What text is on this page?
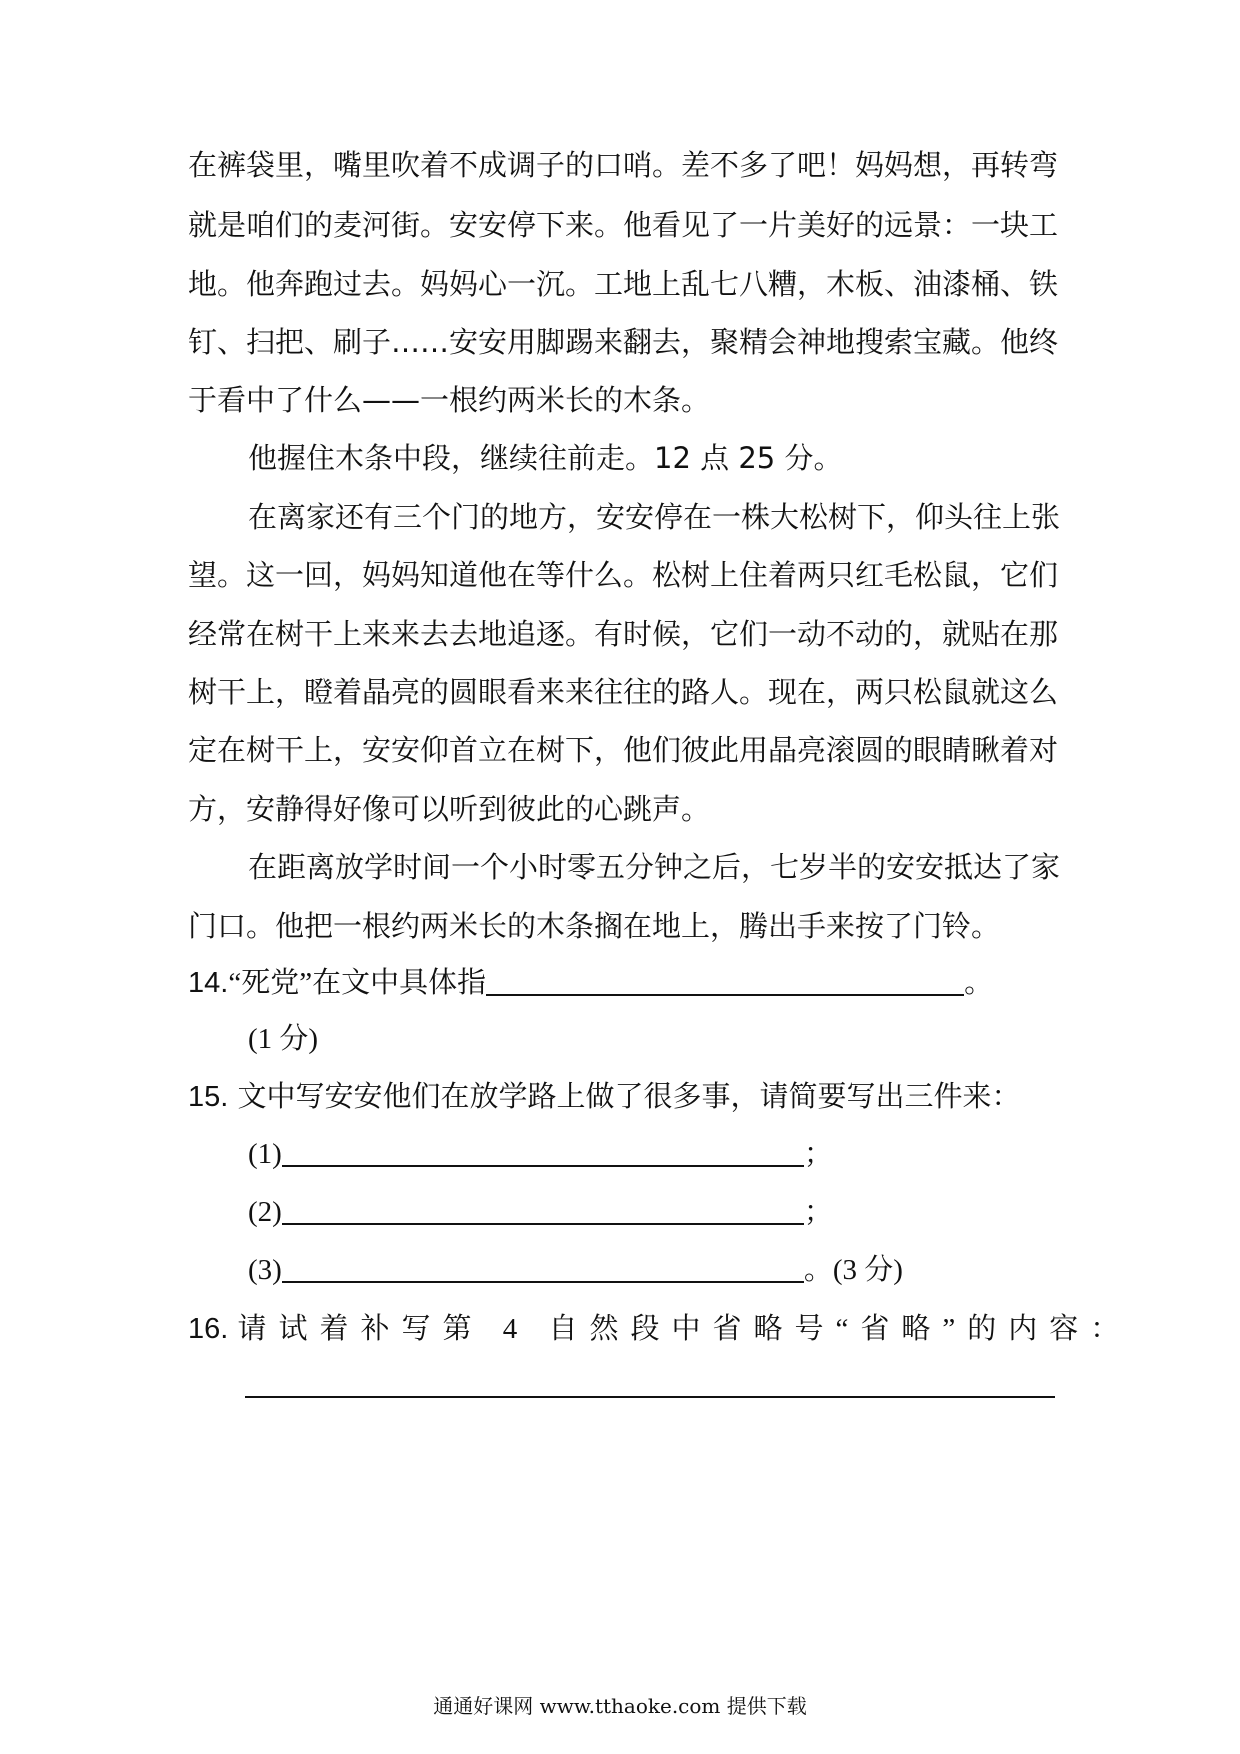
在裤袋里，嘴里吹着不成调子的口哨。差不多了吧！妈妈想，再转弯
就是咱们的麦河街。安安停下来。他看见了一片美好的远景：一块工
地。他奔跑过去。妈妈心一沉。工地上乱七八糟，木板、油漆桶、铁
钉、扫把、刷子……安安用脚踢来翻去，聚精会神地搜索宝藏。他终
于看中了什么——一根约两米长的木条。
他握住木条中段，继续往前走。12 点 25 分。
在离家还有三个门的地方，安安停在一株大松树下，仰头往上张
望。这一回，妈妈知道他在等什么。松树上住着两只红毛松鼠，它们
经常在树干上来来去去地追逐。有时候，它们一动不动的，就贴在那
树干上，瞪着晶亮的圆眼看来来往往的路人。现在，两只松鼠就这么
定在树干上，安安仰首立在树下，他们彼此用晶亮滚圆的眼睛瞅着对
方，安静得好像可以听到彼此的心跳声。
在距离放学时间一个小时零五分钟之后，七岁半的安安抵达了家
门口。他把一根约两米长的木条搁在地上，腾出手来按了门铃。
14.“死党”在文中具体指	。
(1 分)
15. 文中写安安他们在放学路上做了很多事，请简要写出三件来：
(1)	；
(2)	；
(3)	。(3 分)
16. 请试着补写第 4 自然段中省略号“省略”的内容：
通通好课网 www.tthaoke.com 提供下载
